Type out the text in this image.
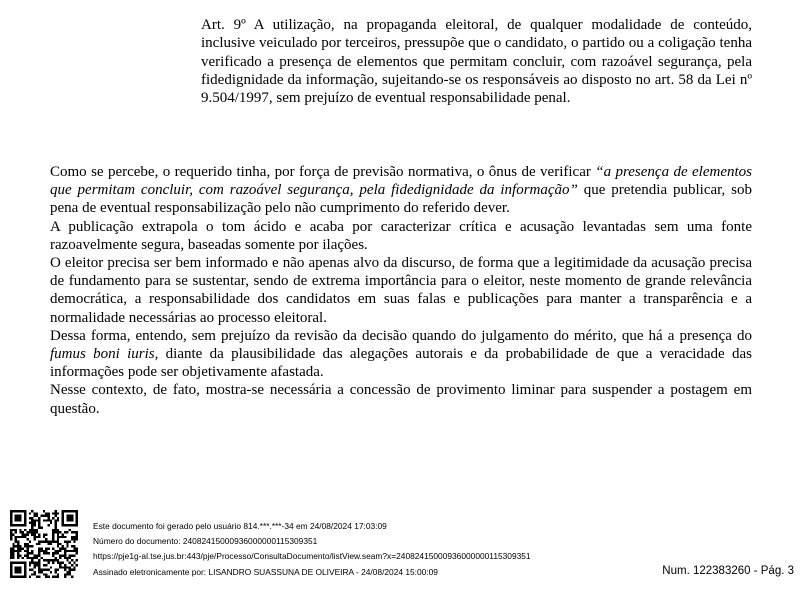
Art. 9º A utilização, na propaganda eleitoral, de qualquer modalidade de conteúdo, inclusive veiculado por terceiros, pressupõe que o candidato, o partido ou a coligação tenha verificado a presença de elementos que permitam concluir, com razoável segurança, pela fidedignidade da informação, sujeitando-se os responsáveis ao disposto no art. 58 da Lei nº 9.504/1997, sem prejuízo de eventual responsabilidade penal.

Como se percebe, o requerido tinha, por força de previsão normativa, o ônus de verificar “a presença de elementos que permitam concluir, com razoável segurança, pela fidedignidade da informação” que pretendia publicar, sob pena de eventual responsabilização pelo não cumprimento do referido dever.

A publicação extrapola o tom ácido e acaba por caracterizar crítica e acusação levantadas sem uma fonte razoavelmente segura, baseadas somente por ilações.

O eleitor precisa ser bem informado e não apenas alvo da discurso, de forma que a legitimidade da acusação precisa de fundamento para se sustentar, sendo de extrema importância para o eleitor, neste momento de grande relevância democrática, a responsabilidade dos candidatos em suas falas e publicações para manter a transparência e a normalidade necessárias ao processo eleitoral.

Dessa forma, entendo, sem prejuízo da revisão da decisão quando do julgamento do mérito, que há a presença do fumus boni iuris, diante da plausibilidade das alegações autorais e da probabilidade de que a veracidade das informações pode ser objetivamente afastada.

Nesse contexto, de fato, mostra-se necessária a concessão de provimento liminar para suspender a postagem em questão.

Este documento foi gerado pelo usuário 814.***.***-34 em 24/08/2024 17:03:09
Número do documento: 24082415000936000000115309351
https://pje1g-al.tse.jus.br:443/pje/Processo/ConsultaDocumento/listView.seam?x=24082415000936000000115309351
Assinado eletronicamente por: LISANDRO SUASSUNA DE OLIVEIRA - 24/08/2024 15:00:09	Num. 122383260 - Pág. 3
